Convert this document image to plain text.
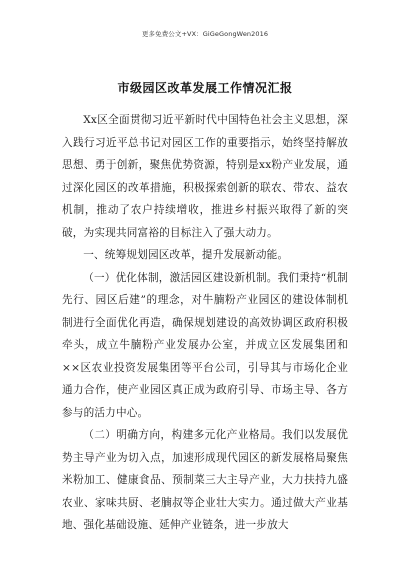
更多免费公文+VX：GiGeGongWen2016
市级园区改革发展工作情况汇报

Xx区全面贯彻习近平新时代中国特色社会主义思想，深入践行习近平总书记对园区工作的重要指示，始终坚持解放思想、勇于创新，聚焦优势资源，特别是xx粉产业发展，通过深化园区的改革措施，积极探索创新的联农、带农、益农机制，推动了农户持续增收，推进乡村振兴取得了新的突破，为实现共同富裕的目标注入了强大动力。

一、统筹规划园区改革，提升发展新动能。

（一）优化体制，激活园区建设新机制。我们秉持“机制先行、园区后建”的理念，对牛腩粉产业园区的建设体制机制进行全面优化再造，确保规划建设的高效协调区政府积极牵头，成立牛腩粉产业发展办公室，并成立区发展集团和××区农业投资发展集团等平台公司，引导其与市场化企业通力合作，使产业园区真正成为政府引导、市场主导、各方参与的活力中心。

（二）明确方向，构建多元化产业格局。我们以发展优势主导产业为切入点，加速形成现代园区的新发展格局聚焦米粉加工、健康食品、预制菜三大主导产业，大力扶持九盛农业、家味共厨、老腩叔等企业壮大实力。通过做大产业基地、强化基础设施、延伸产业链条，进一步放大
